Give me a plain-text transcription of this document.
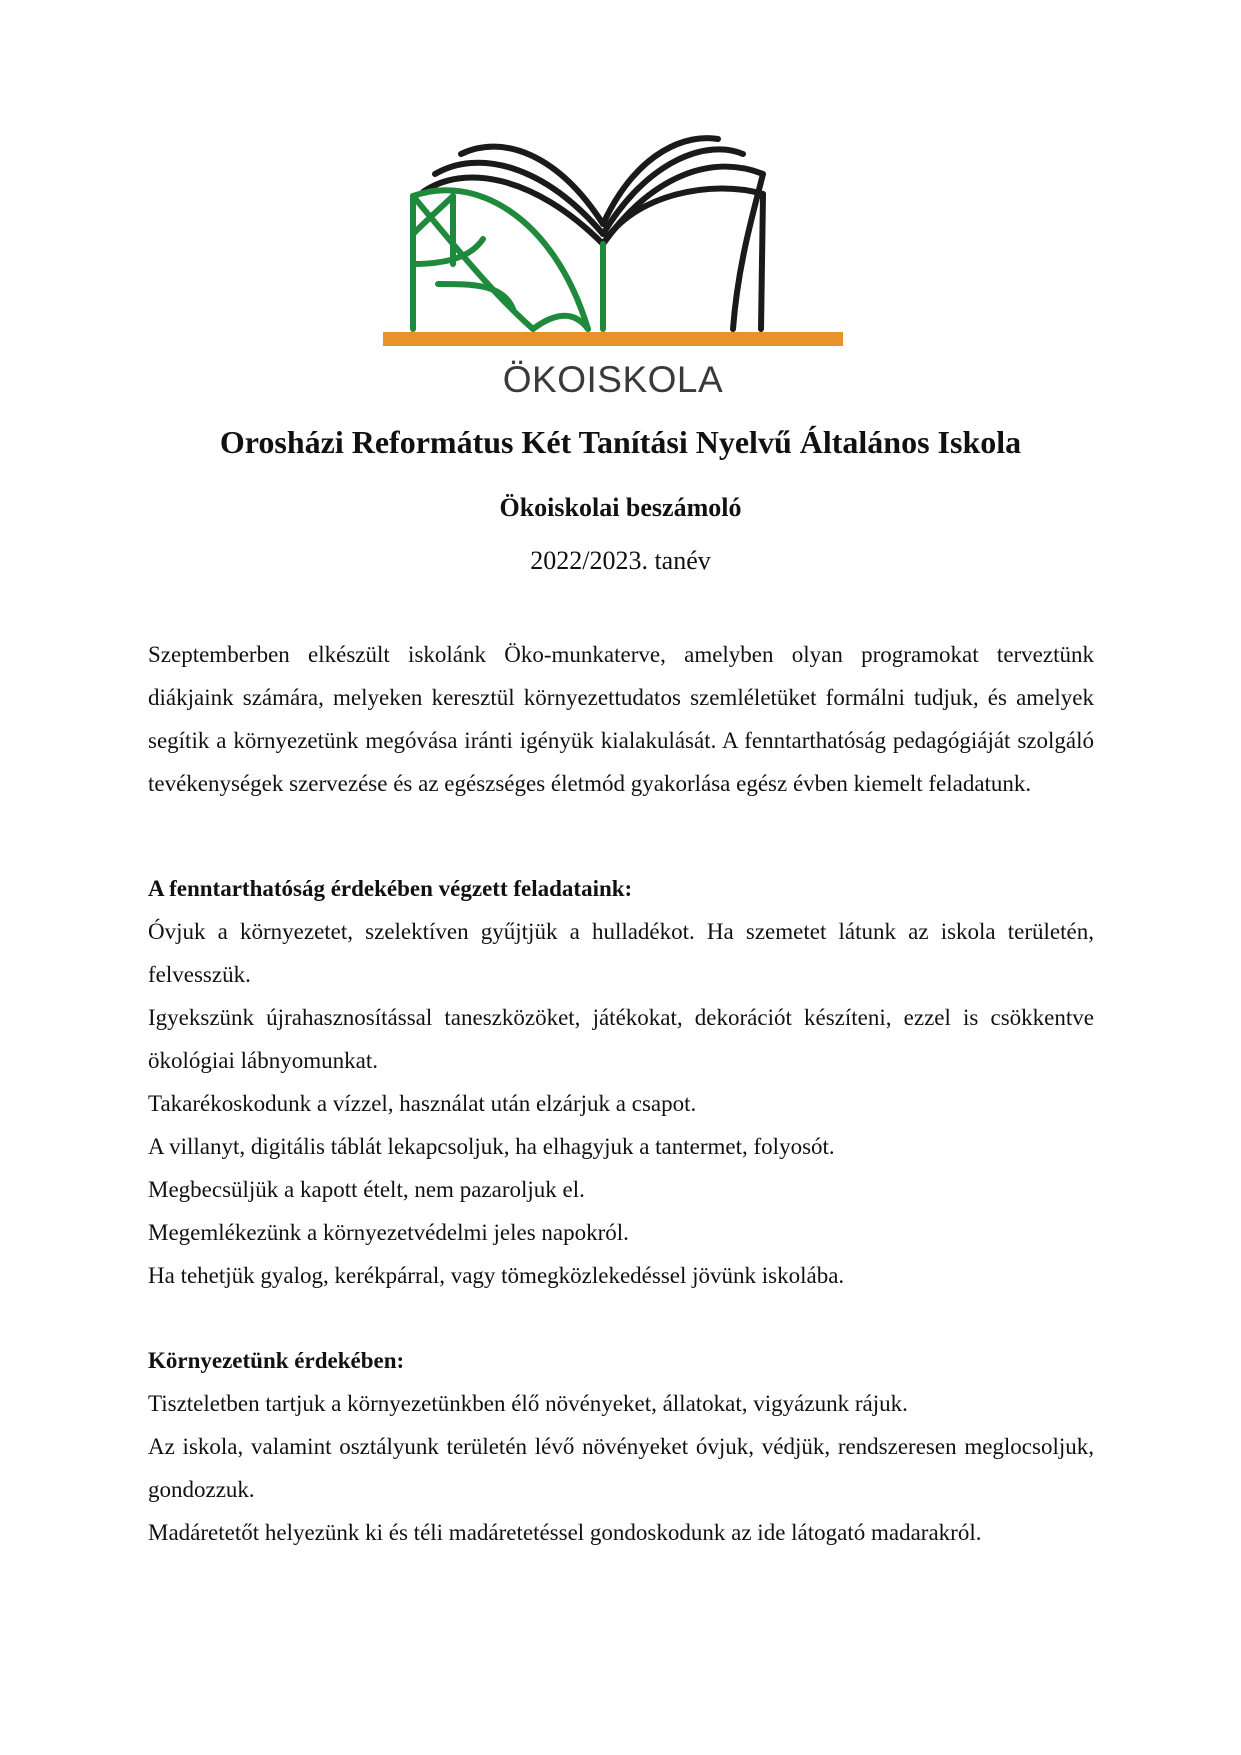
ÖKOISKOLA
Orosházi Református Két Tanítási Nyelvű Általános Iskola
Ökoiskolai beszámoló

2022/2023. tanév

Szeptemberben elkészült iskolánk Öko-munkaterve, amelyben olyan programokat terveztünk diákjaink számára, melyeken keresztül környezettudatos szemléletüket formálni tudjuk, és amelyek segítik a környezetünk megóvása iránti igényük kialakulását. A fenntarthatóság pedagógiáját szolgáló tevékenységek szervezése és az egészséges életmód gyakorlása egész évben kiemelt feladatunk.

A fenntarthatóság érdekében végzett feladataink:
Óvjuk a környezetet, szelektíven gyűjtjük a hulladékot. Ha szemetet látunk az iskola területén, felvesszük.
Igyekszünk újrahasznosítással taneszközöket, játékokat, dekorációt készíteni, ezzel is csökkentve ökológiai lábnyomunkat.
Takarékoskodunk a vízzel, használat után elzárjuk a csapot.
A villanyt, digitális táblát lekapcsoljuk, ha elhagyjuk a tantermet, folyosót.
Megbecsüljük a kapott ételt, nem pazaroljuk el.
Megemlékezünk a környezetvédelmi jeles napokról.
Ha tehetjük gyalog, kerékpárral, vagy tömegközlekedéssel jövünk iskolába.
Környezetünk érdekében:
Tiszteletben tartjuk a környezetünkben élő növényeket, állatokat, vigyázunk rájuk.
Az iskola, valamint osztályunk területén lévő növényeket óvjuk, védjük, rendszeresen meglocsoljuk, gondozzuk.
Madáretetőt helyezünk ki és téli madáretetéssel gondoskodunk az ide látogató madarakról.
